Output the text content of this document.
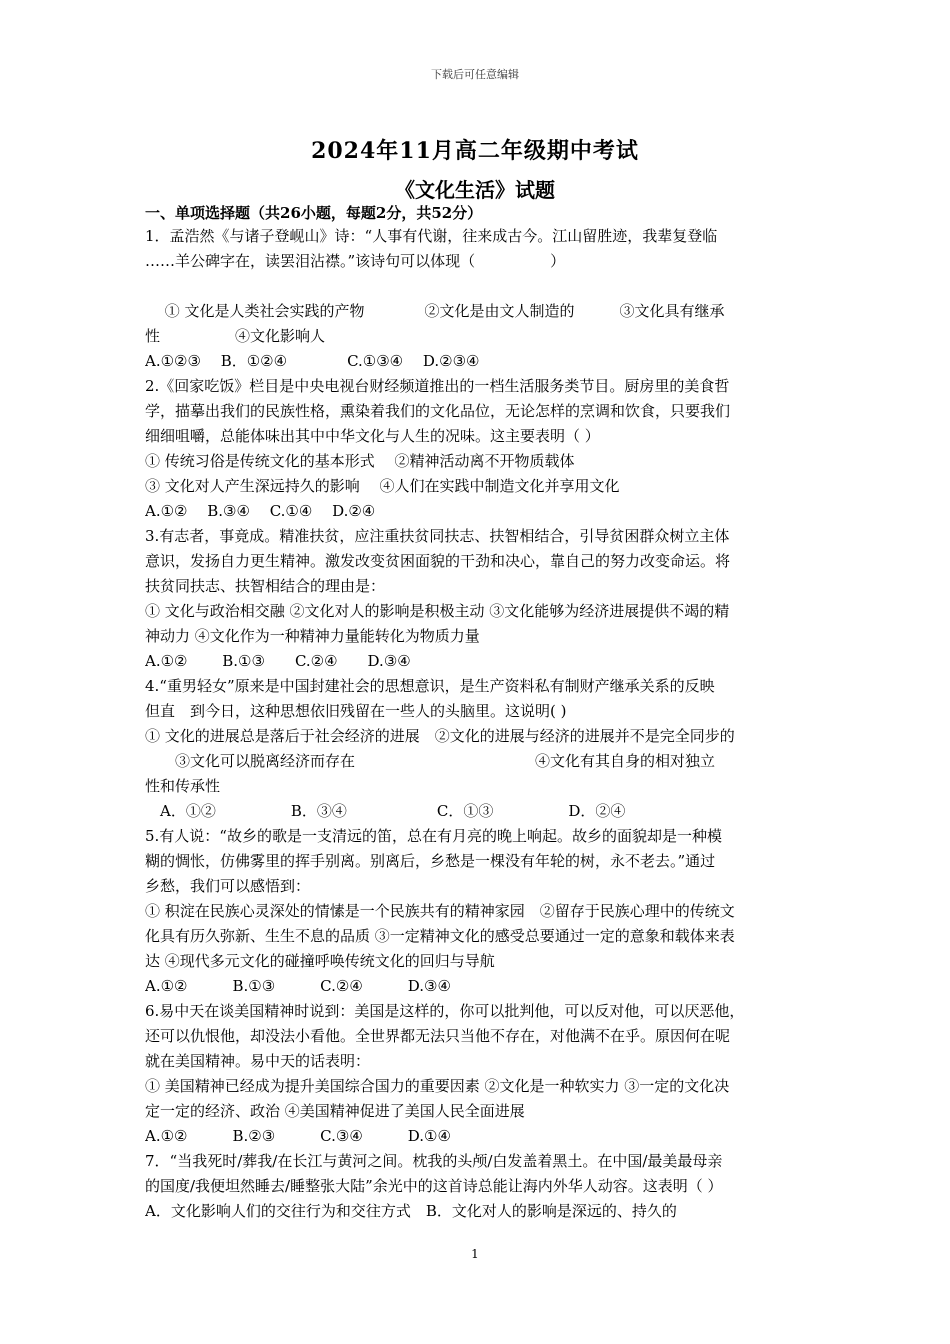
下载后可任意编辑
2024年11月高二年级期中考试
《文化生活》试题
一、单项选择题（共26小题，每题2分，共52分）
1．孟浩然《与诸子登岘山》诗：“人事有代谢，往来成古今。江山留胜迹，我辈复登临
……羊公碑字在，读罢泪沾襟。”该诗句可以体现（　　　　　）
　 ① 文化是人类社会实践的产物　　　　②文化是由文人制造的　　　③文化具有继承
性　　　　　④文化影响人
A.①②③　 B．①②④　　　　C.①③④　 D.②③④
2.《回家吃饭》栏目是中央电视台财经频道推出的一档生活服务类节目。厨房里的美食哲
学，描摹出我们的民族性格，熏染着我们的文化品位，无论怎样的烹调和饮食，只要我们
细细咀嚼，总能体味出其中中华文化与人生的况味。这主要表明（ ）
① 传统习俗是传统文化的基本形式　 ②精神活动离不开物质载体
③ 文化对人产生深远持久的影响　 ④人们在实践中制造文化并享用文化
A.①②　 B.③④　 C.①④　 D.②④
3.有志者，事竟成。精准扶贫，应注重扶贫同扶志、扶智相结合，引导贫困群众树立主体
意识，发扬自力更生精神。激发改变贫困面貌的干劲和决心，靠自己的努力改变命运。将
扶贫同扶志、扶智相结合的理由是：
① 文化与政治相交融 ②文化对人的影响是积极主动 ③文化能够为经济进展提供不竭的精
神动力 ④文化作为一种精神力量能转化为物质力量
A.①②　　 B.①③　　C.②④　　D.③④
4.“重男轻女”原来是中国封建社会的思想意识，是生产资料私有制财产继承关系的反映
但直　到今日，这种思想依旧残留在一些人的头脑里。这说明( )
① 文化的进展总是落后于社会经济的进展　②文化的进展与经济的进展并不是完全同步的
　　③文化可以脱离经济而存在　　　　　　　　　　　　④文化有其自身的相对独立
性和传承性
　A．①②　　　　　B．③④　　　　　　C．①③　　　　　D．②④
5.有人说：“故乡的歌是一支清远的笛，总在有月亮的晚上响起。故乡的面貌却是一种模
糊的惆怅，仿佛雾里的挥手别离。别离后，乡愁是一棵没有年轮的树，永不老去。”通过
乡愁，我们可以感悟到：
① 积淀在民族心灵深处的情愫是一个民族共有的精神家园　②留存于民族心理中的传统文
化具有历久弥新、生生不息的品质 ③一定精神文化的感受总要通过一定的意象和载体来表
达 ④现代多元文化的碰撞呼唤传统文化的回归与导航
A.①②　　　B.①③　　　C.②④　　　D.③④
6.易中天在谈美国精神时说到：美国是这样的，你可以批判他，可以反对他，可以厌恶他，
还可以仇恨他，却没法小看他。全世界都无法只当他不存在，对他满不在乎。原因何在呢
就在美国精神。易中天的话表明：
① 美国精神已经成为提升美国综合国力的重要因素 ②文化是一种软实力 ③一定的文化决
定一定的经济、政治 ④美国精神促进了美国人民全面进展
A.①②　　　B.②③　　　C.③④　　　D.①④
7．“当我死时/葬我/在长江与黄河之间。枕我的头颅/白发盖着黑土。在中国/最美最母亲
的国度/我便坦然睡去/睡整张大陆”余光中的这首诗总能让海内外华人动容。这表明（ ）
A．文化影响人们的交往行为和交往方式　B．文化对人的影响是深远的、持久的
1
